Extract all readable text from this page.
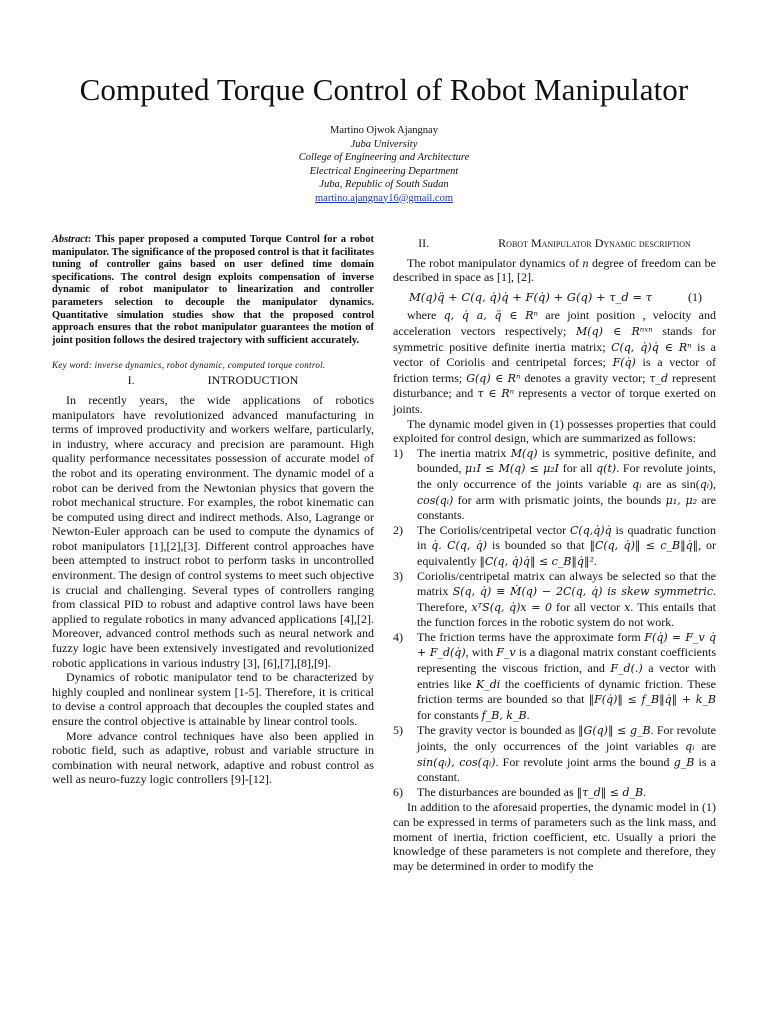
Computed Torque Control of Robot Manipulator
Martino Ojwok Ajangnay
Juba University
College of Engineering and Architecture
Electrical Engineering Department
Juba, Republic of South Sudan
martino.ajangnay16@gmail.com

Abstract: This paper proposed a computed Torque Control for a robot manipulator. The significance of the proposed control is that it facilitates tuning of controller gains based on user defined time domain specifications. The control design exploits compensation of inverse dynamic of robot manipulator to linearization and controller parameters selection to decouple the manipulator dynamics. Quantitative simulation studies show that the proposed control approach ensures that the robot manipulator guarantees the motion of joint position follows the desired trajectory with sufficient accurately.

Key word: inverse dynamics, robot dynamic, computed torque control.
I.	INTRODUCTION

In recently years, the wide applications of robotics manipulators have revolutionized advanced manufacturing in terms of improved productivity and workers welfare, particularly, in industry, where accuracy and precision are paramount. High quality performance necessitates possession of accurate model of the robot and its operating environment. The dynamic model of a robot can be derived from the Newtonian physics that govern the robot mechanical structure. For examples, the robot kinematic can be computed using direct and indirect methods. Also, Lagrange or Newton-Euler approach can be used to compute the dynamics of robot manipulators [1],[2],[3]. Different control approaches have been attempted to instruct robot to perform tasks in uncontrolled environment. The design of control systems to meet such objective is crucial and challenging. Several types of controllers ranging from classical PID to robust and adaptive control laws have been applied to regulate robotics in many advanced applications [4],[2]. Moreover, advanced control methods such as neural network and fuzzy logic have been extensively investigated and revolutionized robotic applications in various industry [3], [6],[7],[8],[9].

Dynamics of robotic manipulator tend to be characterized by highly coupled and nonlinear system [1-5]. Therefore, it is critical to devise a control approach that decouples the coupled states and ensure the control objective is attainable by linear control tools.

More advance control techniques have also been applied in robotic field, such as adaptive, robust and variable structure in combination with neural network, adaptive and robust control as well as neuro-fuzzy logic controllers [9]-[12].

II.	Robot Manipulator Dynamic description

The robot manipulator dynamics of n degree of freedom can be described in space as [1], [2].

M(q)q̈ + C(q, q̇)q̇ + F(q̇) + G(q) + τ_d = τ	(1)

where q, q̇ a, q̈ ∈ Rⁿ are joint position , velocity and acceleration vectors respectively; M(q) ∈ Rⁿˣⁿ stands for symmetric positive definite inertia matrix; C(q, q̇)q̇ ∈ Rⁿ is a vector of Coriolis and centripetal forces; F(q̇) is a vector of friction terms; G(q) ∈ Rⁿ denotes a gravity vector; τ_d represent disturbance; and τ ∈ Rⁿ represents a vector of torque exerted on joints.

The dynamic model given in (1) possesses properties that could exploited for control design, which are summarized as follows:

1) The inertia matrix M(q) is symmetric, positive definite, and bounded, μ₁I ≤ M(q) ≤ μ₂I for all q(t). For revolute joints, the only occurrence of the joints variable qᵢ are as sin(qᵢ), cos(qᵢ) for arm with prismatic joints, the bounds μ₁, μ₂ are constants.
2) The Coriolis/centripetal vector C(q,q̇)q̇ is quadratic function in q̇. C(q, q̇) is bounded so that ‖C(q, q̇)‖ ≤ c_B‖q̇‖, or equivalently ‖C(q, q̇)q̇‖ ≤ c_B‖q̇‖².
3) Coriolis/centripetal matrix can always be selected so that the matrix S(q, q̇) ≡ Ṁ(q) − 2C(q, q̇) is skew symmetric. Therefore, xᵀS(q, q̇)x = 0 for all vector x. This entails that the function forces in the robotic system do not work.
4) The friction terms have the approximate form F(q̇) = F_v q̇ + F_d(q̇), with F_v is a diagonal matrix constant coefficients representing the viscous friction, and F_d(.) a vector with entries like K_di the coefficients of dynamic friction. These friction terms are bounded so that ‖F(q̇)‖ ≤ f_B‖q̇‖ + k_B for constants f_B, k_B.
5) The gravity vector is bounded as ‖G(q)‖ ≤ g_B. For revolute joints, the only occurrences of the joint variables qᵢ are sin(qᵢ), cos(qᵢ). For revolute joint arms the bound g_B is a constant.
6) The disturbances are bounded as ‖τ_d‖ ≤ d_B.

In addition to the aforesaid properties, the dynamic model in (1) can be expressed in terms of parameters such as the link mass, and moment of inertia, friction coefficient, etc. Usually a priori the knowledge of these parameters is not complete and therefore, they may be determined in order to modify the
